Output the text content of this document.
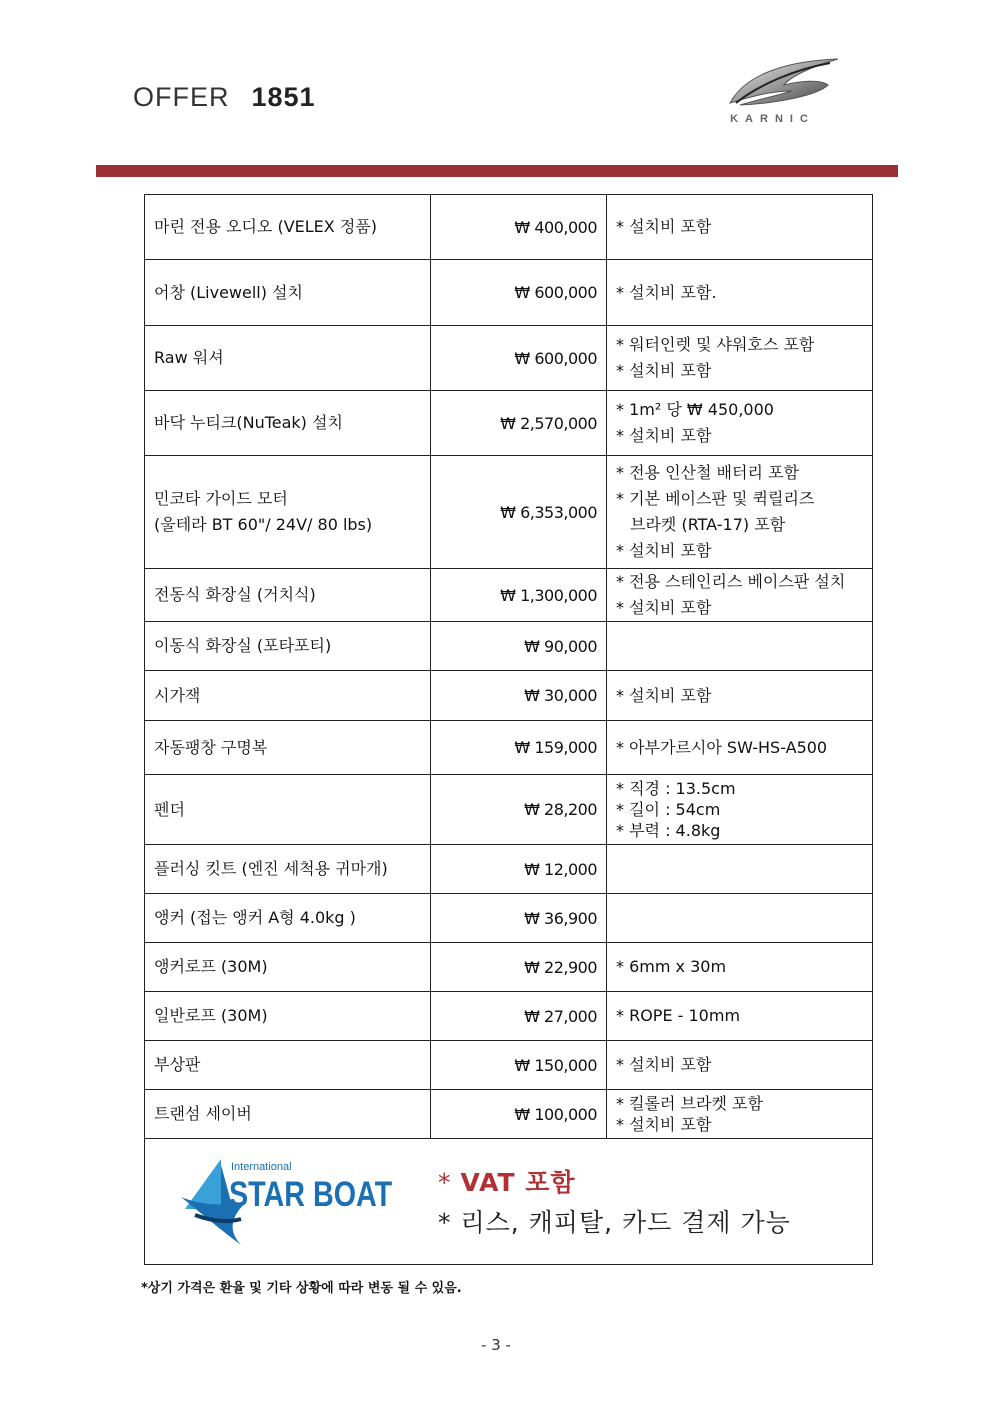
OFFER 1851
KARNIC
마린 전용 오디오 (VELEX 정품)	₩ 400,000	* 설치비 포함

어창 (Livewell) 설치	₩ 600,000	* 설치비 포함.

Raw 워셔	₩ 600,000	* 워터인렛 및 샤워호스 포함
* 설치비 포함

바닥 누티크(NuTeak) 설치	₩ 2,570,000	* 1m² 당 ₩ 450,000
* 설치비 포함

민코타 가이드 모터
(울테라 BT 60"/ 24V/ 80 lbs)	₩ 6,353,000	* 전용 인산철 배터리 포함
* 기본 베이스판 및 퀵릴리즈
브라켓 (RTA-17) 포함
* 설치비 포함

전동식 화장실 (거치식)	₩ 1,300,000	* 전용 스테인리스 베이스판 설치
* 설치비 포함

이동식 화장실 (포타포티)	₩ 90,000	

시가잭	₩ 30,000	* 설치비 포함

자동팽창 구명복	₩ 159,000	* 아부가르시아 SW-HS-A500

펜더	₩ 28,200	* 직경 : 13.5cm
* 길이 : 54cm
* 부력 : 4.8kg

플러싱 킷트 (엔진 세척용 귀마개)	₩ 12,000	

앵커 (접는 앵커 A형 4.0kg )	₩ 36,900	

앵커로프 (30M)	₩ 22,900	* 6mm x 30m

일반로프 (30M)	₩ 27,000	* ROPE - 10mm

부상판	₩ 150,000	* 설치비 포함

트랜섬 세이버	₩ 100,000	* 킬롤러 브라켓 포함
* 설치비 포함
International
STAR BOAT * VAT 포함
* 리스, 캐피탈, 카드 결제 가능
*상기 가격은 환율 및 기타 상황에 따라 변동 될 수 있음.
- 3 -
